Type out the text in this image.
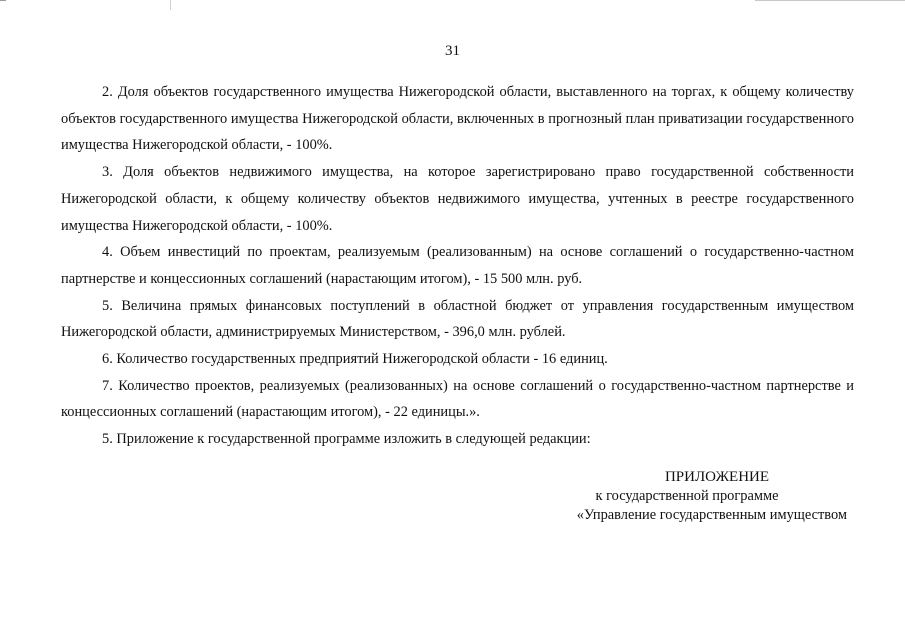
31

2. Доля объектов государственного имущества Нижегородской области, выставленного на торгах, к общему количеству объектов государственного имущества Нижегородской области, включенных в прогнозный план приватизации государственного имущества Нижегородской области, - 100%.

3. Доля объектов недвижимого имущества, на которое зарегистрировано право государственной собственности Нижегородской области, к общему количеству объектов недвижимого имущества, учтенных в реестре государственного имущества Нижегородской области, - 100%.

4. Объем инвестиций по проектам, реализуемым (реализованным) на основе соглашений о государственно-частном партнерстве и концессионных соглашений (нарастающим итогом), - 15 500 млн. руб.

5. Величина прямых финансовых поступлений в областной бюджет от управления государственным имуществом Нижегородской области, администрируемых Министерством, - 396,0 млн. рублей.

6. Количество государственных предприятий Нижегородской области - 16 единиц.

7. Количество проектов, реализуемых (реализованных) на основе соглашений о государственно-частном партнерстве и концессионных соглашений (нарастающим итогом), - 22 единицы.».

5. Приложение к государственной программе изложить в следующей редакции:

ПРИЛОЖЕНИЕ
к государственной программе
«Управление государственным имуществом
